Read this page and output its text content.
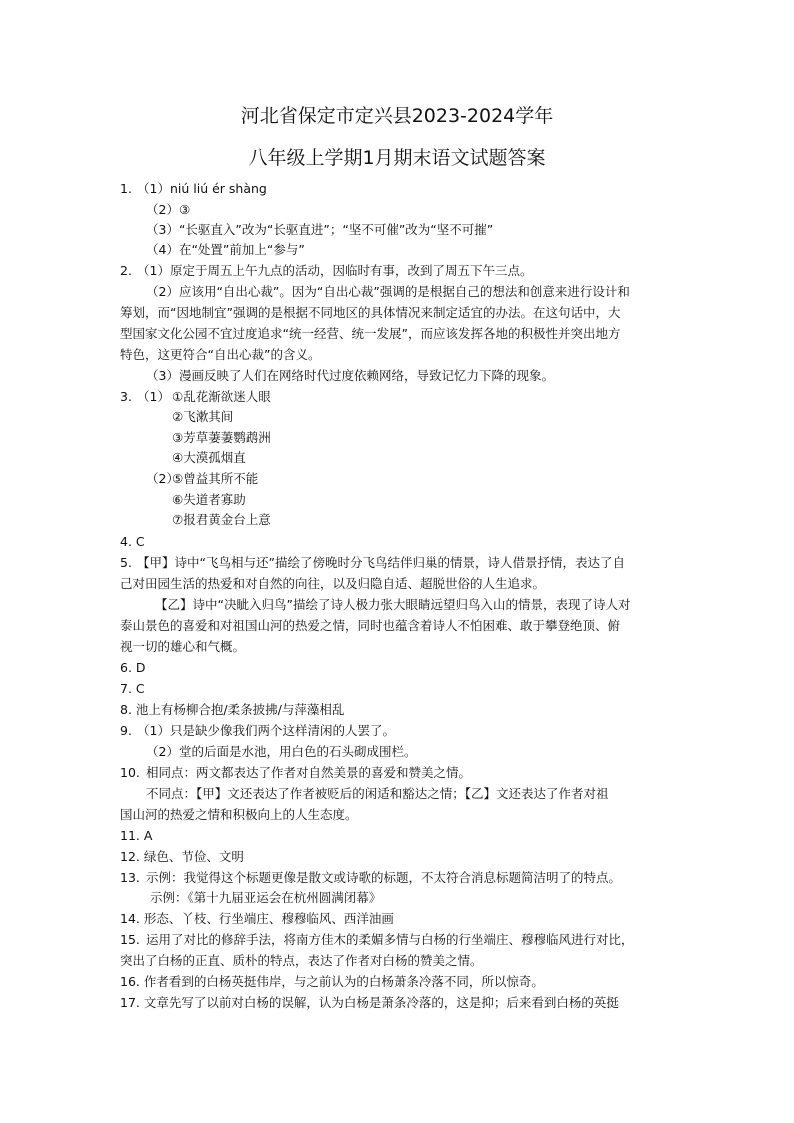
河北省保定市定兴县2023-2024学年
八年级上学期1月期末语文试题答案
1. （1）niú liú ér shàng
（2）③
（3）“长驱直入”改为“长驱直进”；“坚不可催”改为“坚不可摧”
（4）在“处置”前加上“参与”
2. （1）原定于周五上午九点的活动，因临时有事，改到了周五下午三点。
（2）应该用“自出心裁”。因为“自出心裁”强调的是根据自己的想法和创意来进行设计和
筹划，而“因地制宜”强调的是根据不同地区的具体情况来制定适宜的办法。在这句话中，大
型国家文化公园不宜过度追求“统一经营、统一发展”，而应该发挥各地的积极性并突出地方
特色，这更符合“自出心裁”的含义。
（3）漫画反映了人们在网络时代过度依赖网络，导致记忆力下降的现象。
3. （1） ①乱花渐欲迷人眼
②飞漱其间
③芳草萋萋鹦鹉洲
④大漠孤烟直
（2）
⑤曾益其所不能
⑥失道者寡助
⑦报君黄金台上意
4. C
5. 【甲】诗中“飞鸟相与还”描绘了傍晚时分飞鸟结伴归巢的情景，诗人借景抒情，表达了自
己对田园生活的热爱和对自然的向往，以及归隐自适、超脱世俗的人生追求。
【乙】诗中“决眦入归鸟”描绘了诗人极力张大眼睛远望归鸟入山的情景，表现了诗人对
泰山景色的喜爱和对祖国山河的热爱之情，同时也蕴含着诗人不怕困难、敢于攀登绝顶、俯
视一切的雄心和气概。
6. D
7. C
8. 池上有杨柳合抱/柔条披拂/与萍藻相乱
9. （1）只是缺少像我们两个这样清闲的人罢了。
（2）堂的后面是水池，用白色的石头砌成围栏。
10. 相同点：两文都表达了作者对自然美景的喜爱和赞美之情。
不同点：【甲】文还表达了作者被贬后的闲适和豁达之情；【乙】文还表达了作者对祖
国山河的热爱之情和积极向上的人生态度。
11. A
12. 绿色、节俭、文明
13. 示例：我觉得这个标题更像是散文或诗歌的标题，不太符合消息标题简洁明了的特点。
示例：《第十九届亚运会在杭州圆满闭幕》
14. 形态、丫枝、行坐端庄、穆穆临风、西洋油画
15. 运用了对比的修辞手法，将南方佳木的柔媚多情与白杨的行坐端庄、穆穆临风进行对比，
突出了白杨的正直、质朴的特点，表达了作者对白杨的赞美之情。
16. 作者看到的白杨英挺伟岸，与之前认为的白杨萧条冷落不同，所以惊奇。
17. 文章先写了以前对白杨的误解，认为白杨是萧条冷落的，这是抑；后来看到白杨的英挺
